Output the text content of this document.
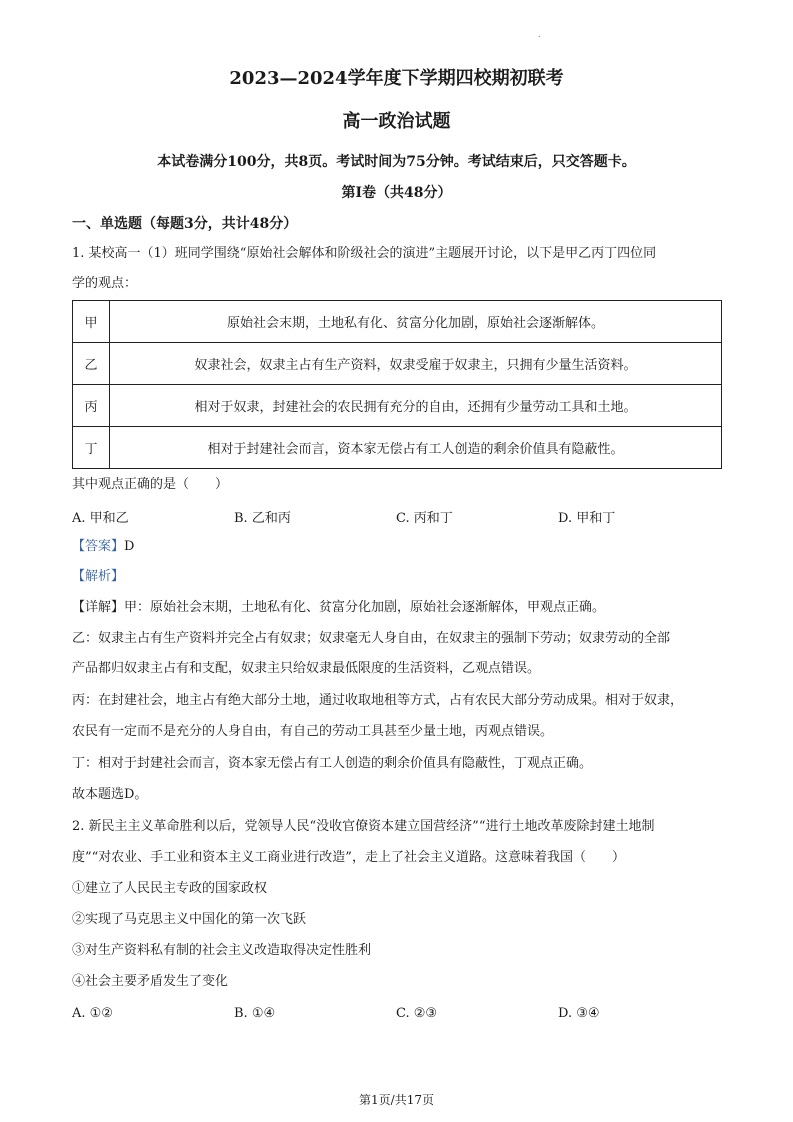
.
2023—2024学年度下学期四校期初联考
高一政治试题
本试卷满分100分，共8页。考试时间为75分钟。考试结束后，只交答题卡。
第Ⅰ卷（共48分）
一、单选题（每题3分，共计48分）
1. 某校高一（1）班同学围绕“原始社会解体和阶级社会的演进”主题展开讨论，以下是甲乙丙丁四位同
学的观点：
甲	原始社会末期，土地私有化、贫富分化加剧，原始社会逐渐解体。
乙	奴隶社会，奴隶主占有生产资料，奴隶受雇于奴隶主，只拥有少量生活资料。
丙	相对于奴隶，封建社会的农民拥有充分的自由，还拥有少量劳动工具和土地。
丁	相对于封建社会而言，资本家无偿占有工人创造的剩余价值具有隐蔽性。
其中观点正确的是（　　）
A. 甲和乙	B. 乙和丙	C. 丙和丁	D. 甲和丁
【答案】D
【解析】
【详解】甲：原始社会末期，土地私有化、贫富分化加剧，原始社会逐渐解体，甲观点正确。
乙：奴隶主占有生产资料并完全占有奴隶；奴隶毫无人身自由，在奴隶主的强制下劳动；奴隶劳动的全部
产品都归奴隶主占有和支配，奴隶主只给奴隶最低限度的生活资料，乙观点错误。
丙：在封建社会，地主占有绝大部分土地，通过收取地租等方式，占有农民大部分劳动成果。相对于奴隶，
农民有一定而不是充分的人身自由，有自己的劳动工具甚至少量土地，丙观点错误。
丁：相对于封建社会而言，资本家无偿占有工人创造的剩余价值具有隐蔽性，丁观点正确。
故本题选D。
2. 新民主主义革命胜利以后，党领导人民“没收官僚资本建立国营经济”“进行土地改革废除封建土地制
度”“对农业、手工业和资本主义工商业进行改造”，走上了社会主义道路。这意味着我国（　　）
①建立了人民民主专政的国家政权
②实现了马克思主义中国化的第一次飞跃
③对生产资料私有制的社会主义改造取得决定性胜利
④社会主要矛盾发生了变化
A. ①②	B. ①④	C. ②③	D. ③④
第1页/共17页
